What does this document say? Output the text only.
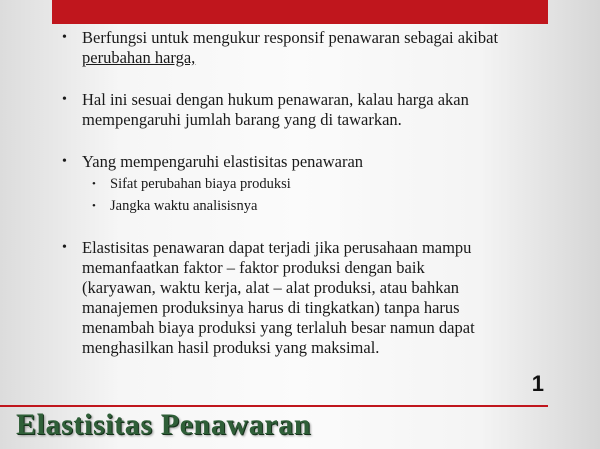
• Berfungsi untuk mengukur responsif penawaran sebagai akibat
perubahan harga,
• Hal ini sesuai dengan hukum penawaran, kalau harga akan
mempengaruhi jumlah barang yang di tawarkan.
• Yang mempengaruhi elastisitas penawaran
• Sifat perubahan biaya produksi
• Jangka waktu analisisnya
• Elastisitas penawaran dapat terjadi jika perusahaan mampu
memanfaatkan faktor – faktor produksi dengan baik
(karyawan, waktu kerja, alat – alat produksi, atau bahkan
manajemen produksinya harus di tingkatkan) tanpa harus
menambah biaya produksi yang terlaluh besar namun dapat
menghasilkan hasil produksi yang maksimal.
1
Elastisitas Penawaran
